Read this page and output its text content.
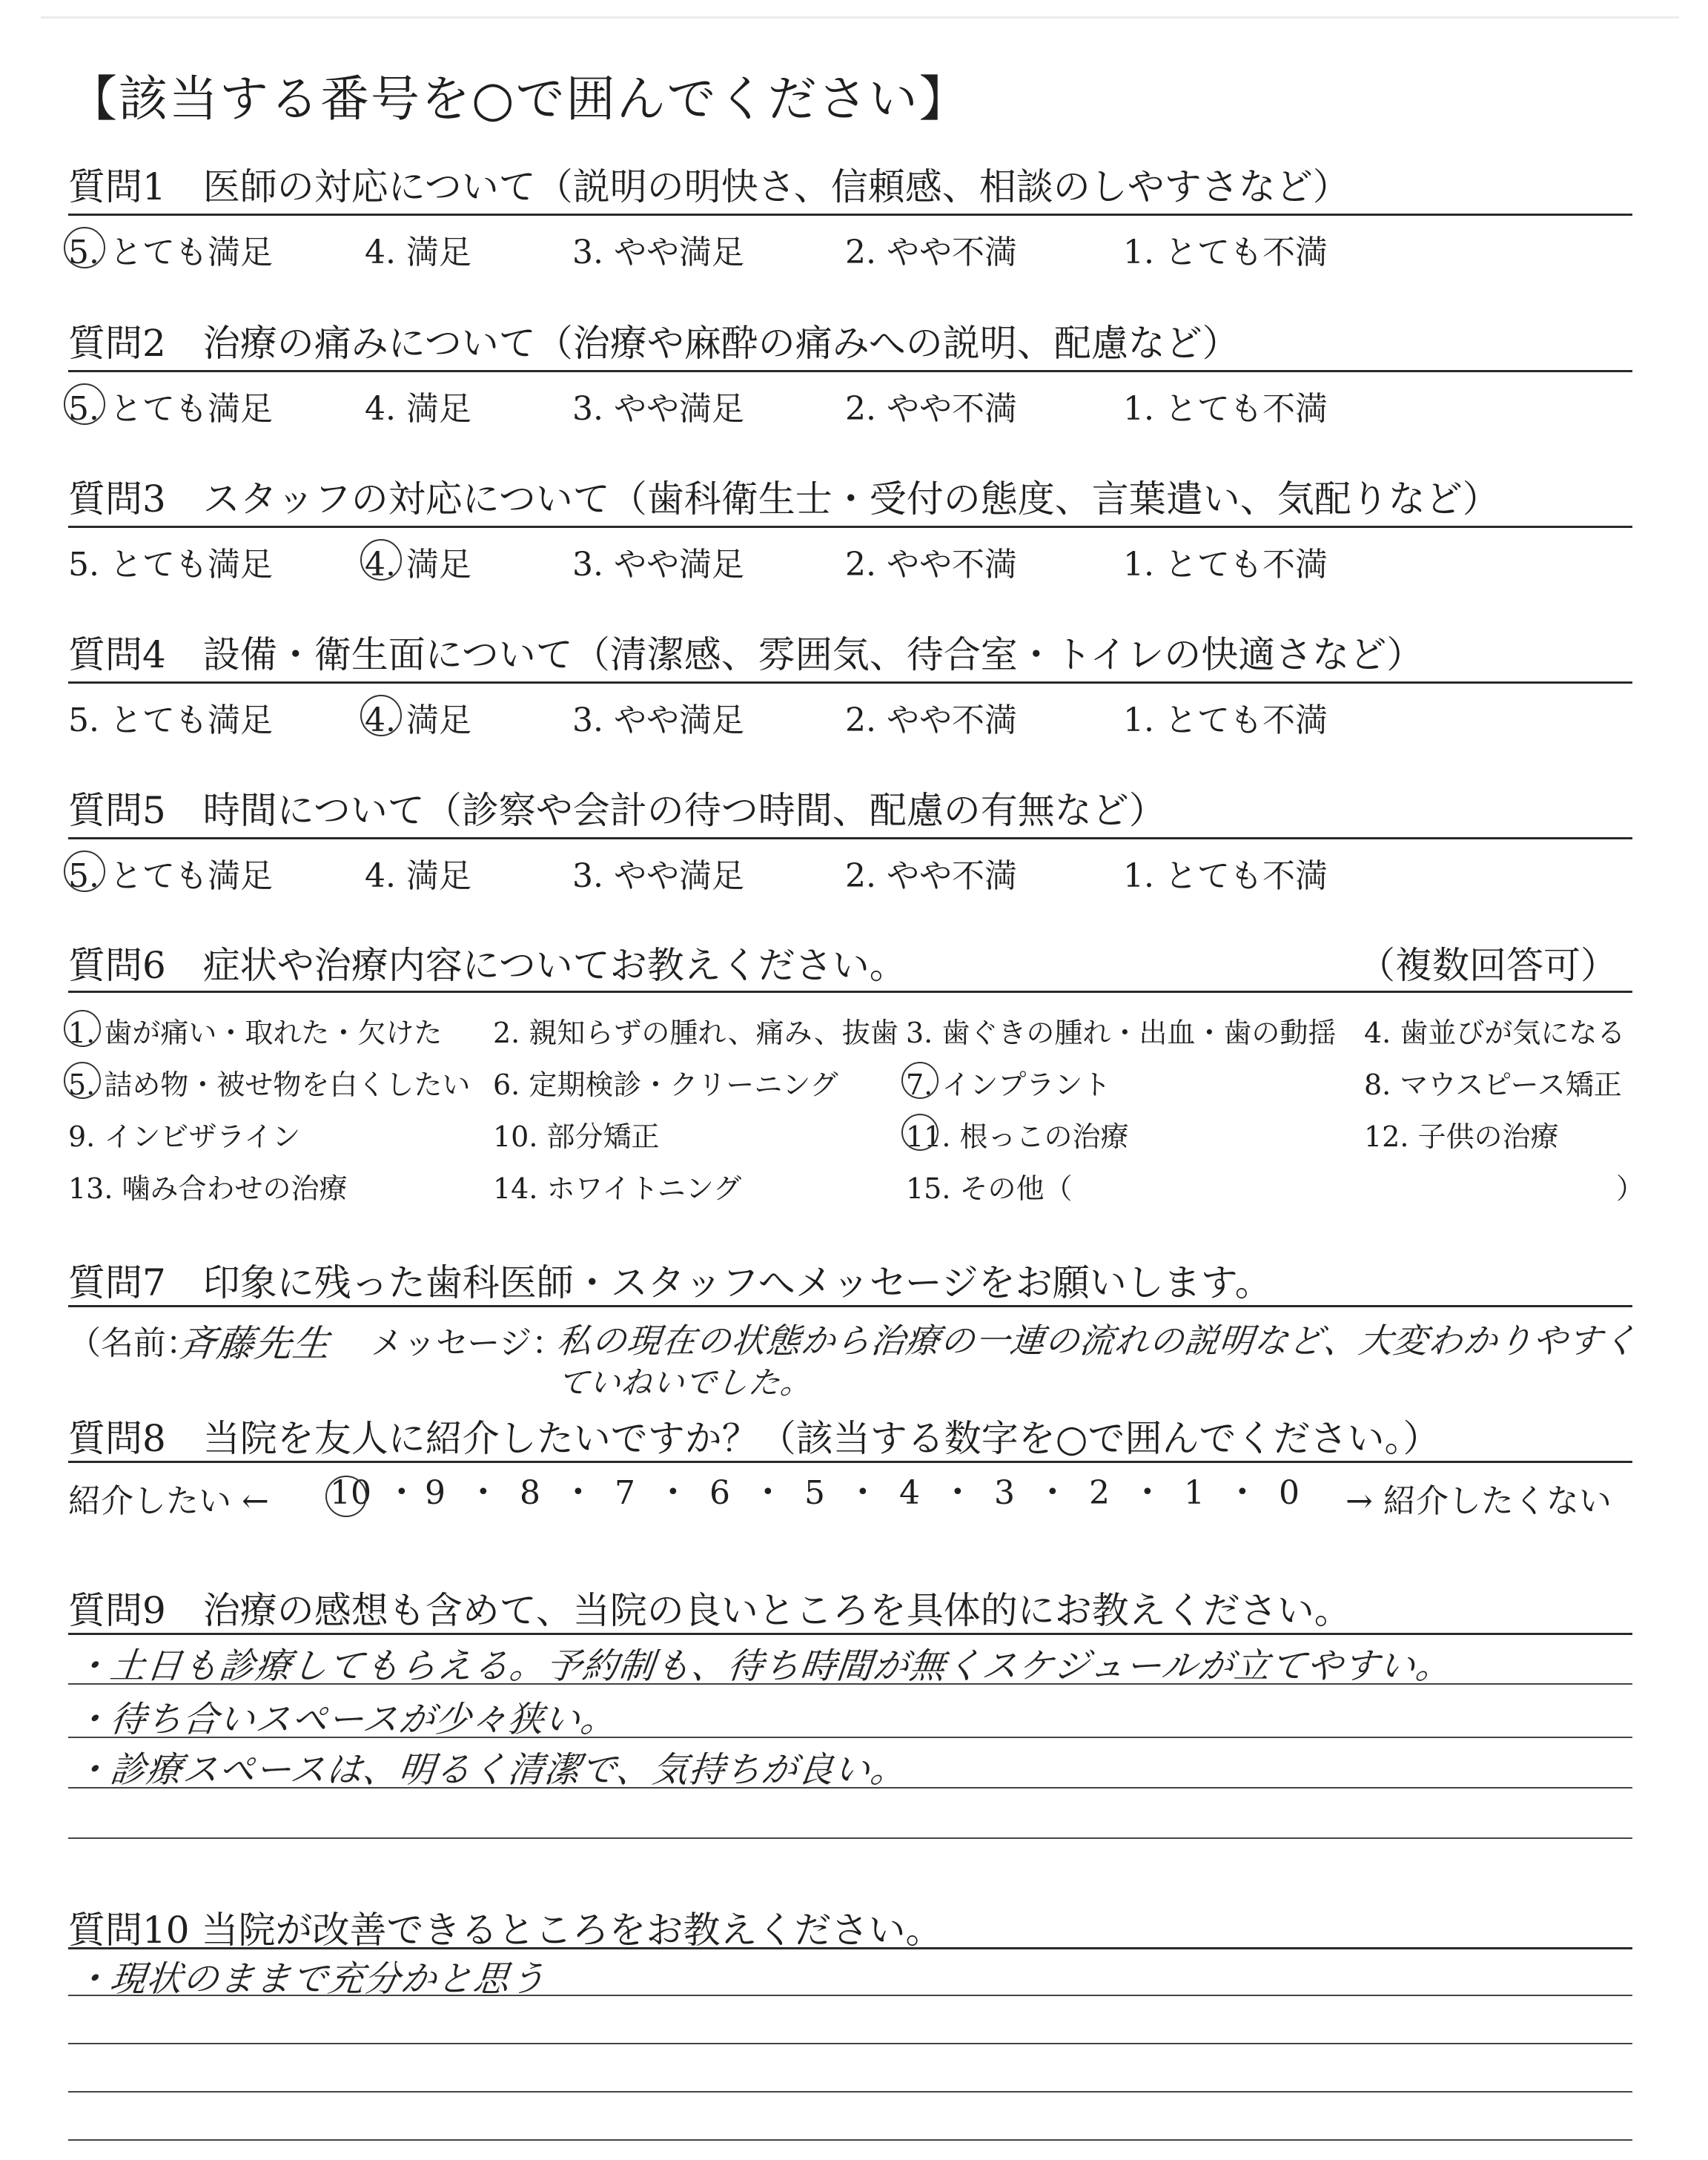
【該当する番号を○で囲んでください】
質問1　医師の対応について（説明の明快さ、信頼感、相談のしやすさなど）
5. とても満足	4. 満足	3. やや満足	2. やや不満	1. とても不満
質問2　治療の痛みについて（治療や麻酔の痛みへの説明、配慮など）
5. とても満足	4. 満足	3. やや満足	2. やや不満	1. とても不満
質問3　スタッフの対応について（歯科衛生士・受付の態度、言葉遣い、気配りなど）
5. とても満足	4. 満足	3. やや満足	2. やや不満	1. とても不満
質問4　設備・衛生面について（清潔感、雰囲気、待合室・トイレの快適さなど）
5. とても満足	4. 満足	3. やや満足	2. やや不満	1. とても不満
質問5　時間について（診察や会計の待つ時間、配慮の有無など）
5. とても満足	4. 満足	3. やや満足	2. やや不満	1. とても不満
質問6　症状や治療内容についてお教えください。	（複数回答可）
1. 歯が痛い・取れた・欠けた 2. 親知らずの腫れ、痛み、抜歯 3. 歯ぐきの腫れ・出血・歯の動揺 4. 歯並びが気になる
5. 詰め物・被せ物を白くしたい 6. 定期検診・クリーニング 7. インプラント	8. マウスピース矯正
9. インビザライン	10. 部分矯正	11. 根っこの治療	12. 子供の治療
13. 噛み合わせの治療	14. ホワイトニング	15. その他（	）
質問7　印象に残った歯科医師・スタッフへメッセージをお願いします。
（名前：
斉藤先生 メッセージ：
私の現在の状態から治療の一連の流れの説明など、大変わかりやすく
ていねいでした。
質問8　当院を友人に紹介したいですか？（該当する数字を○で囲んでください。）
紹介したい ←	→ 紹介したくない
10 • 9 • 8 • 7 • 6 • 5 • 4 • 3 • 2 • 1 • 0
質問9　治療の感想も含めて、当院の良いところを具体的にお教えください。
・土日も診療してもらえる。予約制も、待ち時間が無くスケジュールが立てやすい。
・待ち合いスペースが少々狭い。
・診療スペースは、明るく清潔で、気持ちが良い。
質問10 当院が改善できるところをお教えください。
・現状のままで充分かと思う
